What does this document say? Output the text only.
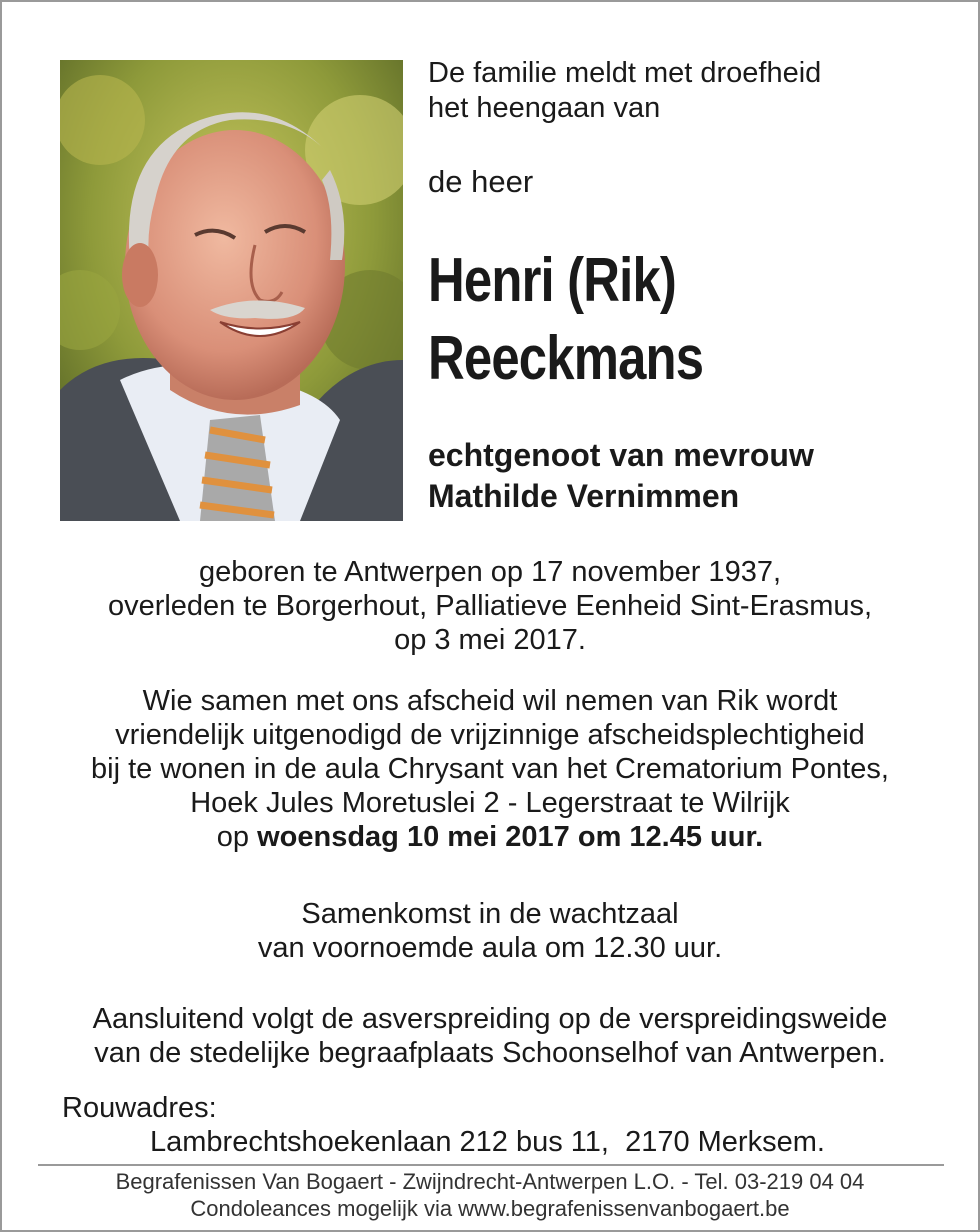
De familie meldt met droefheid
het heengaan van
de heer
Henri (Rik)
Reeckmans
echtgenoot van mevrouw
Mathilde Vernimmen
geboren te Antwerpen op 17 november 1937,
overleden te Borgerhout, Palliatieve Eenheid Sint-Erasmus,
op 3 mei 2017.
Wie samen met ons afscheid wil nemen van Rik wordt
vriendelijk uitgenodigd de vrijzinnige afscheidsplechtigheid
bij te wonen in de aula Chrysant van het Crematorium Pontes,
Hoek Jules Moretuslei 2 - Legerstraat te Wilrijk
op woensdag 10 mei 2017 om 12.45 uur.
Samenkomst in de wachtzaal
van voornoemde aula om 12.30 uur.
Aansluitend volgt de asverspreiding op de verspreidingsweide
van de stedelijke begraafplaats Schoonselhof van Antwerpen.
Rouwadres:
Lambrechtshoekenlaan 212 bus 11,  2170 Merksem.
Begrafenissen Van Bogaert - Zwijndrecht-Antwerpen L.O. - Tel. 03-219 04 04
Condoleances mogelijk via www.begrafenissenvanbogaert.be
